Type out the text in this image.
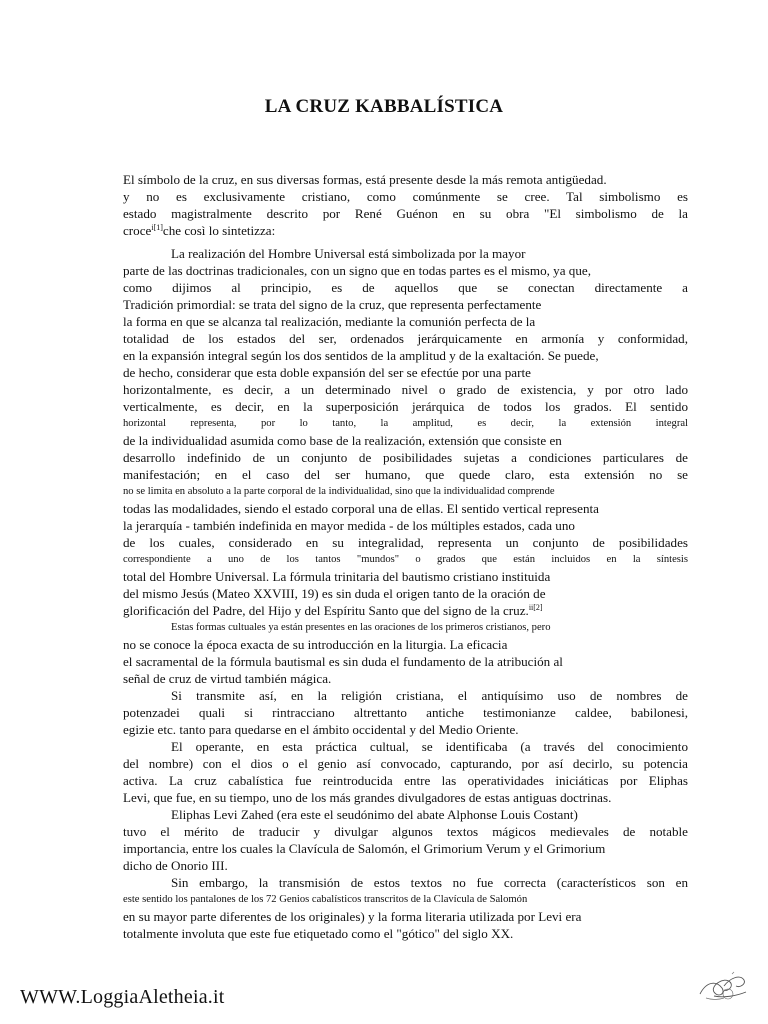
LA CRUZ KABBALÍSTICA
El símbolo de la cruz, en sus diversas formas, está presente desde la más remota antigüedad.
y no es exclusivamente cristiano, como comúnmente se cree. Tal simbolismo es
estado magistralmente descrito por René Guénon en su obra "El simbolismo de la
croce$^{i[1]}$che così lo sintetizza:
La realización del Hombre Universal está simbolizada por la mayor
parte de las doctrinas tradicionales, con un signo que en todas partes es el mismo, ya que,
como dijimos al principio, es de aquellos que se conectan directamente a
Tradición primordial: se trata del signo de la cruz, que representa perfectamente
la forma en que se alcanza tal realización, mediante la comunión perfecta de la
totalidad de los estados del ser, ordenados jerárquicamente en armonía y conformidad,
en la expansión integral según los dos sentidos de la amplitud y de la exaltación. Se puede,
de hecho, considerar que esta doble expansión del ser se efectúe por una parte
horizontalmente, es decir, a un determinado nivel o grado de existencia, y por otro lado
verticalmente, es decir, en la superposición jerárquica de todos los grados. El sentido
horizontal representa, por lo tanto, la amplitud, es decir, la extensión integral
de la individualidad asumida como base de la realización, extensión que consiste en
desarrollo indefinido de un conjunto de posibilidades sujetas a condiciones particulares de
manifestación; en el caso del ser humano, que quede claro, esta extensión no se
no se limita en absoluto a la parte corporal de la individualidad, sino que la individualidad comprende
todas las modalidades, siendo el estado corporal una de ellas. El sentido vertical representa
la jerarquía - también indefinida en mayor medida - de los múltiples estados, cada uno
de los cuales, considerado en su integralidad, representa un conjunto de posibilidades
correspondiente a uno de los tantos "mundos" o grados que están incluidos en la síntesis
total del Hombre Universal. La fórmula trinitaria del bautismo cristiano instituida
del mismo Jesús (Mateo XXVIII, 19) es sin duda el origen tanto de la oración de
glorificación del Padre, del Hijo y del Espíritu Santo que del signo de la cruz.$^{ii[2]}$
Estas formas cultuales ya están presentes en las oraciones de los primeros cristianos, pero
no se conoce la época exacta de su introducción en la liturgia. La eficacia
el sacramental de la fórmula bautismal es sin duda el fundamento de la atribución al
señal de cruz de virtud también mágica.
Si transmite así, en la religión cristiana, el antiquísimo uso de nombres de
potenzadei quali si rintracciano altrettanto antiche testimonianze caldee, babilonesi,
egizie etc. tanto para quedarse en el ámbito occidental y del Medio Oriente.
El operante, en esta práctica cultual, se identificaba (a través del conocimiento
del nombre) con el dios o el genio así convocado, capturando, por así decirlo, su potencia
activa. La cruz cabalística fue reintroducida entre las operatividades iniciáticas por Eliphas
Levi, que fue, en su tiempo, uno de los más grandes divulgadores de estas antiguas doctrinas.
Eliphas Levi Zahed (era este el seudónimo del abate Alphonse Louis Costant)
tuvo el mérito de traducir y divulgar algunos textos mágicos medievales de notable
importancia, entre los cuales la Clavícula de Salomón, el Grimorium Verum y el Grimorium
dicho de Onorio III.
Sin embargo, la transmisión de estos textos no fue correcta (característicos son en
este sentido los pantalones de los 72 Genios cabalísticos transcritos de la Clavícula de Salomón
en su mayor parte diferentes de los originales) y la forma literaria utilizada por Levi era
totalmente involuta que este fue etiquetado como el "gótico" del siglo XX.
WWW.LoggiaAletheia.it
